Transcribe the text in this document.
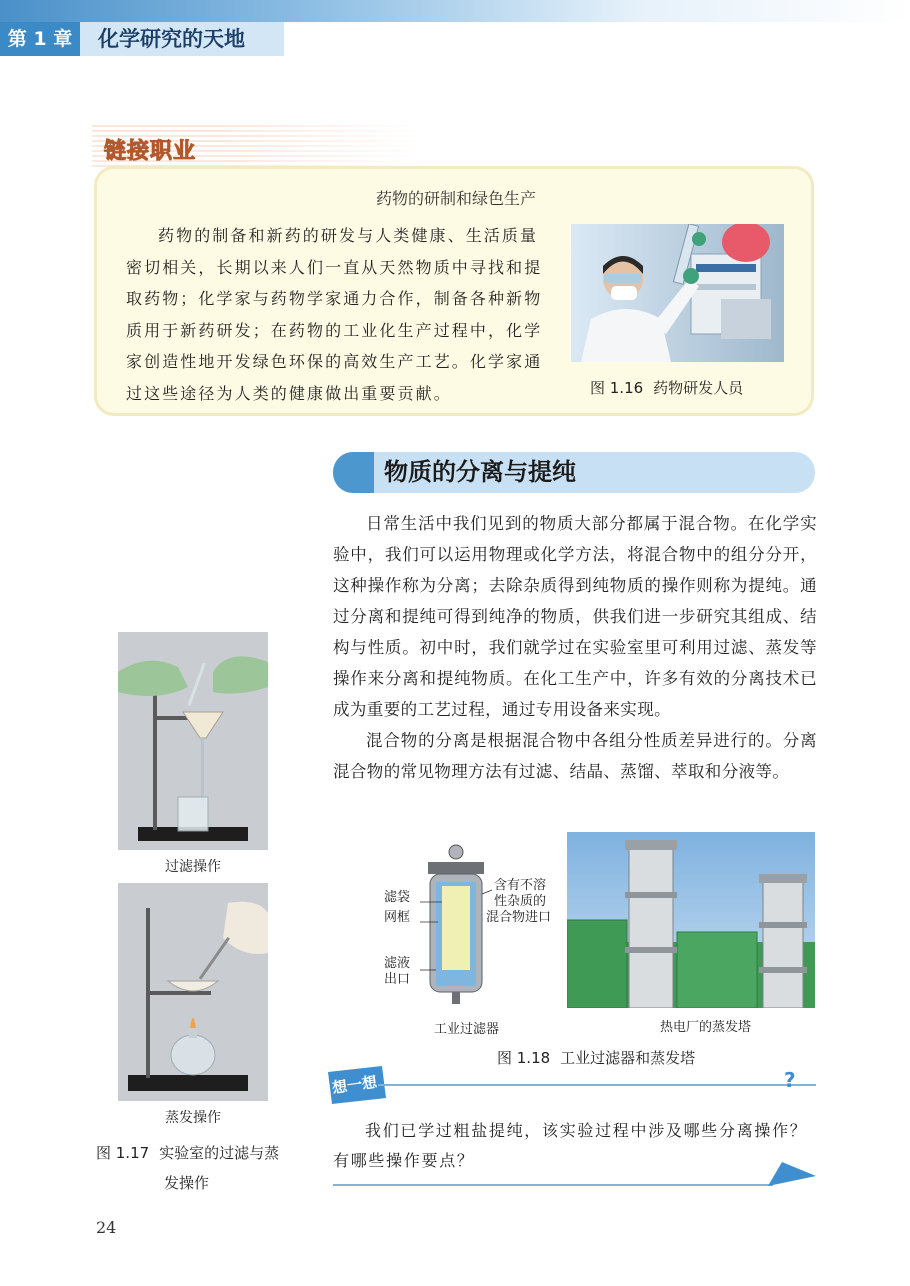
第 1 章	化学研究的天地
链接职业
药物的研制和绿色生产
药物的制备和新药的研发与人类健康、生活质量密切相关，长期以来人们一直从天然物质中寻找和提取药物；化学家与药物学家通力合作，制备各种新物质用于新药研发；在药物的工业化生产过程中，化学家创造性地开发绿色环保的高效生产工艺。化学家通过这些途径为人类的健康做出重要贡献。	图 1.16 药物研发人员
物质的分离与提纯

日常生活中我们见到的物质大部分都属于混合物。在化学实验中，我们可以运用物理或化学方法，将混合物中的组分分开，这种操作称为分离；去除杂质得到纯物质的操作则称为提纯。通过分离和提纯可得到纯净的物质，供我们进一步研究其组成、结构与性质。初中时，我们就学过在实验室里可利用过滤、蒸发等操作来分离和提纯物质。在化工生产中，许多有效的分离技术已成为重要的工艺过程，通过专用设备来实现。

混合物的分离是根据混合物中各组分性质差异进行的。分离混合物的常见物理方法有过滤、结晶、蒸馏、萃取和分液等。

过滤操作
蒸发操作
图 1.17 实验室的过滤与蒸
发操作
滤袋
网框
滤液
出口
含有不溶
性杂质的
混合物进口
工业过滤器	热电厂的蒸发塔
图 1.18 工业过滤器和蒸发塔
想一想	?
我们已学过粗盐提纯，该实验过程中涉及哪些分离操作？有哪些操作要点？
24
